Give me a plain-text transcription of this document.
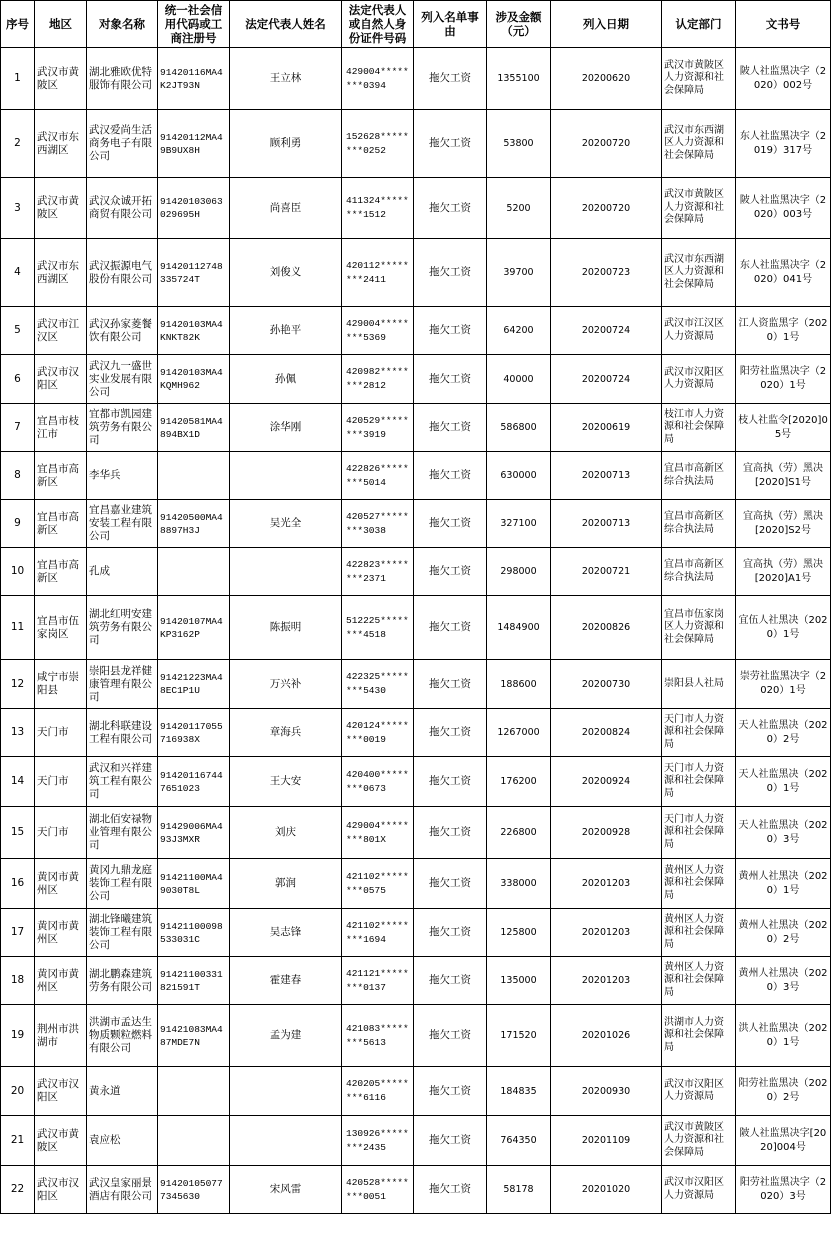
序号	地区	对象名称	统一社会信用代码或工商注册号	法定代表人姓名	法定代表人或自然人身份证件号码	列入名单事由	涉及金额（元）	列入日期	认定部门	文书号
1	武汉市黄陂区	湖北雅欧优特服饰有限公司	91420116MA4K2JT93N	王立林	429004********0394	拖欠工资	1355100	20200620	武汉市黄陂区人力资源和社会保障局	陂人社监黑决字（2020）002号
2	武汉市东西湖区	武汉爱尚生活商务电子有限公司	91420112MA49B9UX8H	顾利勇	152628********0252	拖欠工资	53800	20200720	武汉市东西湖区人力资源和社会保障局	东人社监黑决字（2019）317号
3	武汉市黄陂区	武汉众诚开拓商贸有限公司	91420103063029695H	尚喜臣	411324********1512	拖欠工资	5200	20200720	武汉市黄陂区人力资源和社会保障局	陂人社监黑决字（2020）003号
4	武汉市东西湖区	武汉振源电气股份有限公司	91420112748335724T	刘俊义	420112********2411	拖欠工资	39700	20200723	武汉市东西湖区人力资源和社会保障局	东人社监黑决字（2020）041号
5	武汉市江汉区	武汉孙家菱餐饮有限公司	91420103MA4KNKT82K	孙艳平	429004********5369	拖欠工资	64200	20200724	武汉市江汉区人力资源局	江人资监黑字（2020）1号
6	武汉市汉阳区	武汉九一盛世实业发展有限公司	91420103MA4KQMH962	孙佩	420982********2812	拖欠工资	40000	20200724	武汉市汉阳区人力资源局	阳劳社监黑决字（2020）1号
7	宜昌市枝江市	宜都市凯园建筑劳务有限公司	91420581MA4894BX1D	涂华刚	420529********3919	拖欠工资	586800	20200619	枝江市人力资源和社会保障局	枝人社监令[2020]05号
8	宜昌市高新区	李华兵			422826********5014	拖欠工资	630000	20200713	宜昌市高新区综合执法局	宜高执（劳）黑决[2020]S1号
9	宜昌市高新区	宜昌嘉业建筑安装工程有限公司	91420500MA48897H3J	吴光全	420527********3038	拖欠工资	327100	20200713	宜昌市高新区综合执法局	宜高执（劳）黑决[2020]S2号
10	宜昌市高新区	孔成			422823********2371	拖欠工资	298000	20200721	宜昌市高新区综合执法局	宜高执（劳）黑决[2020]A1号
11	宜昌市伍家岗区	湖北红明安建筑劳务有限公司	91420107MA4KP3162P	陈振明	512225********4518	拖欠工资	1484900	20200826	宜昌市伍家岗区人力资源和社会保障局	宜伍人社黑决（2020）1号
12	咸宁市崇阳县	崇阳县龙祥健康管理有限公司	91421223MA48EC1P1U	万兴补	422325********5430	拖欠工资	188600	20200730	崇阳县人社局	崇劳社监黑决字（2020）1号
13	天门市	湖北科联建设工程有限公司	91420117055716938X	章海兵	420124********0019	拖欠工资	1267000	20200824	天门市人力资源和社会保障局	天人社监黑决（2020）2号
14	天门市	武汉和兴祥建筑工程有限公司	914201167447651023	王大安	420400********0673	拖欠工资	176200	20200924	天门市人力资源和社会保障局	天人社监黑决（2020）1号
15	天门市	湖北佰安禄物业管理有限公司	91429006MA493J3MXR	刘庆	429004********801X	拖欠工资	226800	20200928	天门市人力资源和社会保障局	天人社监黑决（2020）3号
16	黄冈市黄州区	黄冈九鼎龙庭装饰工程有限公司	91421100MA49030T8L	郭润	421102********0575	拖欠工资	338000	20201203	黄州区人力资源和社会保障局	黄州人社黑决（2020）1号
17	黄冈市黄州区	湖北锋曦建筑装饰工程有限公司	91421100098533031C	吴志锋	421102********1694	拖欠工资	125800	20201203	黄州区人力资源和社会保障局	黄州人社黑决（2020）2号
18	黄冈市黄州区	湖北鹏森建筑劳务有限公司	91421100331821591T	霍建春	421121********0137	拖欠工资	135000	20201203	黄州区人力资源和社会保障局	黄州人社黑决（2020）3号
19	荆州市洪湖市	洪湖市孟达生物质颗粒燃料有限公司	91421083MA487MDE7N	孟为建	421083********5613	拖欠工资	171520	20201026	洪湖市人力资源和社会保障局	洪人社监黑决（2020）1号
20	武汉市汉阳区	黄永道			420205********6116	拖欠工资	184835	20200930	武汉市汉阳区人力资源局	阳劳社监黑决（2020）2号
21	武汉市黄陂区	袁应松			130926********2435	拖欠工资	764350	20201109	武汉市黄陂区人力资源和社会保障局	陂人社监黑决字[2020]004号
22	武汉市汉阳区	武汉皇家丽景酒店有限公司	914201050777345630	宋风雷	420528********0051	拖欠工资	58178	20201020	武汉市汉阳区人力资源局	阳劳社监黑决字（2020）3号
